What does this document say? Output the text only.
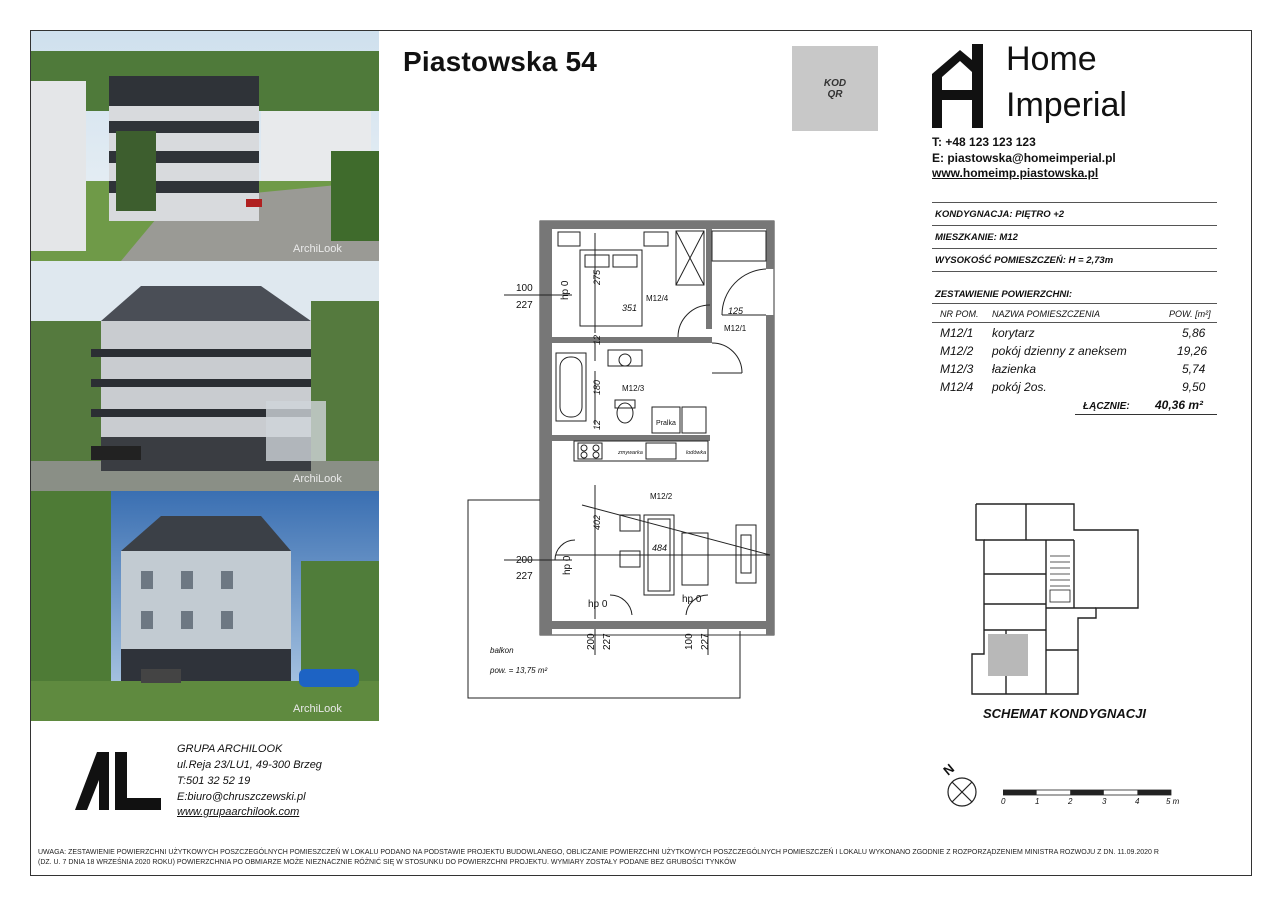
ArchiLook
ArchiLook
ArchiLook
Piastowska 54
KOD
QR
Home
Imperial
T: +48 123 123 123
E: piastowska@homeimperial.pl
www.homeimp.piastowska.pl
KONDYGNACJA: PIĘTRO +2
MIESZKANIE: M12
WYSOKOŚĆ POMIESZCZEŃ: H = 2,73m
ZESTAWIENIE POWIERZCHNI:
NR POM. NAZWA POMIESZCZENIA	POW. [m²]
M12/1 korytarz	5,86
M12/2 pokój dzienny z aneksem	19,26
M12/3 łazienka	5,74
M12/4 pokój 2os.	9,50
ŁĄCZNIE: 40,36 m²
M12/4
M12/1
M12/3
M12/2
100
227
275
351	125
12
180
12
402
484
200
227
200 227	100 227
hp 0
hp 0
hp 0	hp 0
Pralka
zmywarka	lodówka
balkon
pow. = 13,75 m²
SCHEMAT KONDYGNACJI
N
0	1	2	3	4	5 m
GRUPA ARCHILOOK
ul.Reja 23/LU1, 49-300 Brzeg
T:501 32 52 19
E:biuro@chruszczewski.pl
www.grupaarchilook.com
UWAGA: ZESTAWIENIE POWIERZCHNI UŻYTKOWYCH POSZCZEGÓLNYCH POMIESZCZEŃ W LOKALU PODANO NA PODSTAWIE PROJEKTU BUDOWLANEGO, OBLICZANIE POWIERZCHNI UŻYTKOWYCH POSZCZEGÓLNYCH POMIESZCZEŃ I LOKALU WYKONANO ZGODNIE Z ROZPORZĄDZENIEM MINISTRA ROZWOJU Z DN. 11.09.2020 R
(DZ. U. 7 DNIA 18 WRZEŚNIA 2020 ROKU) POWIERZCHNIA PO OBMIARZE MOŻE NIEZNACZNIE RÓŻNIĆ SIĘ W STOSUNKU DO POWIERZCHNI PROJEKTU. WYMIARY ZOSTAŁY PODANE BEZ GRUBOŚCI TYNKÓW
